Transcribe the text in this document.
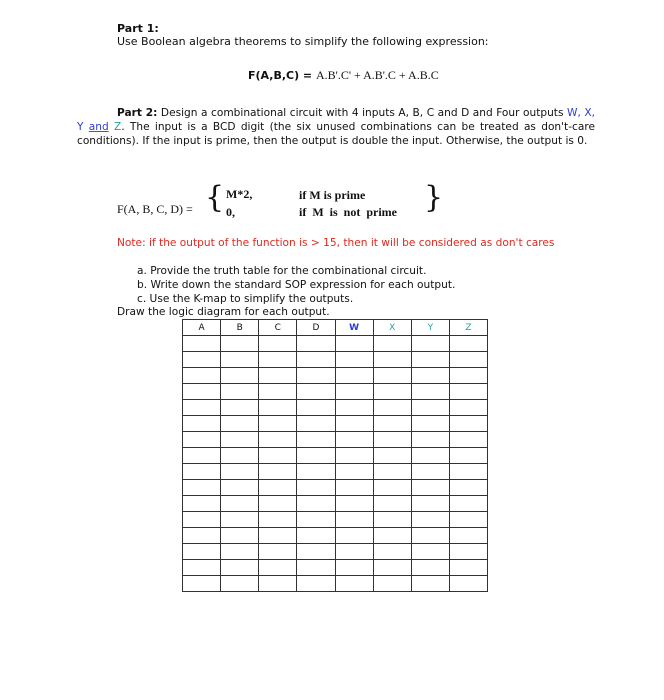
Part 1:
Use Boolean algebra theorems to simplify the following expression:
F(A,B,C) = A.B'.C' + A.B'.C + A.B.C
Part 2: Design a combinational circuit with 4 inputs A, B, C and D and Four outputs W, X, Y and Z. The input is a BCD digit (the six unused combinations can be treated as don't-care conditions). If the input is prime, then the output is double the input. Otherwise, the output is 0.
F(A, B, C, D) = { M*2,
0,
if M is prime
if  M  is  not  prime }
Note: if the output of the function is > 15, then it will be considered as don't cares
a. Provide the truth table for the combinational circuit.
b. Write down the standard SOP expression for each output.
c. Use the K-map to simplify the outputs.
Draw the logic diagram for each output.
A	B	C	D	W	X	Y	Z
